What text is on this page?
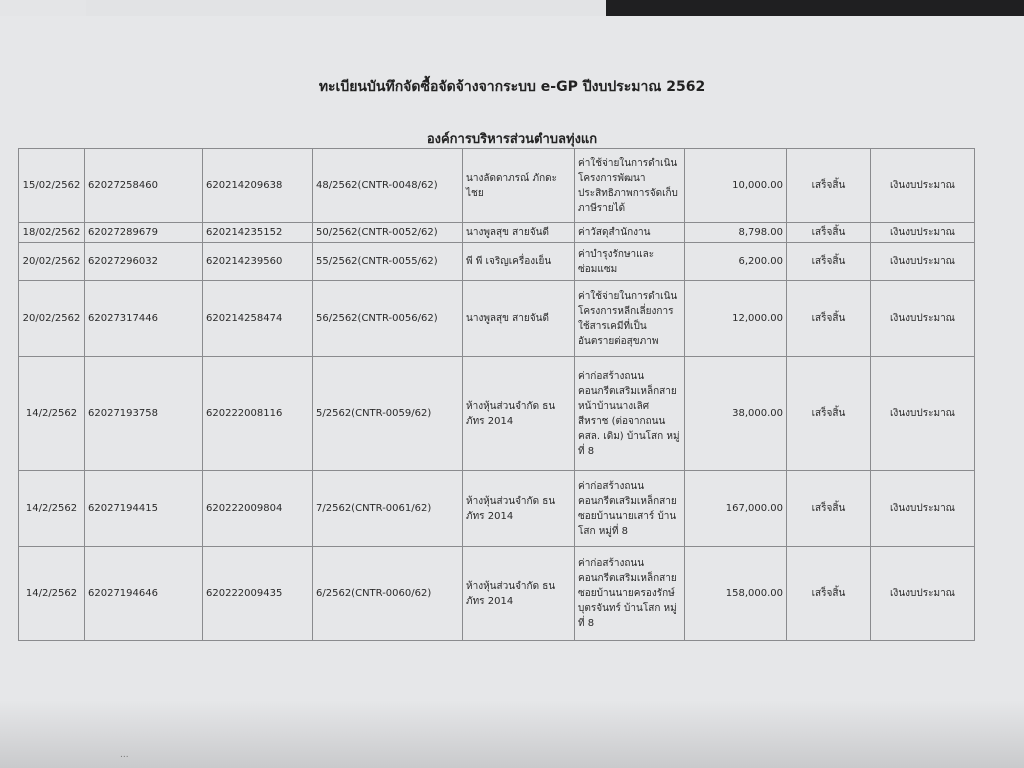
ทะเบียนบันทึกจัดซื้อจัดจ้างจากระบบ e-GP ปีงบประมาณ 2562
องค์การบริหารส่วนตำบลทุ่งแก
15/02/2562	62027258460	620214209638	48/2562(CNTR-0048/62)	นางลัดดาภรณ์ ภักดะไชย	ค่าใช้จ่ายในการดำเนินโครงการพัฒนาประสิทธิภาพการจัดเก็บภาษีรายได้	10,000.00	เสร็จสิ้น	เงินงบประมาณ
18/02/2562	62027289679	620214235152	50/2562(CNTR-0052/62)	นางพูลสุข สายจันดี	ค่าวัสดุสำนักงาน	8,798.00	เสร็จสิ้น	เงินงบประมาณ
20/02/2562	62027296032	620214239560	55/2562(CNTR-0055/62)	พี พี เจริญเครื่องเย็น	ค่าบำรุงรักษาและซ่อมแซม	6,200.00	เสร็จสิ้น	เงินงบประมาณ
20/02/2562	62027317446	620214258474	56/2562(CNTR-0056/62)	นางพูลสุข สายจันดี	ค่าใช้จ่ายในการดำเนินโครงการหลีกเลี่ยงการใช้สารเคมีที่เป็นอันตรายต่อสุขภาพ	12,000.00	เสร็จสิ้น	เงินงบประมาณ
14/2/2562	62027193758	620222008116	5/2562(CNTR-0059/62)	ห้างหุ้นส่วนจำกัด ธนภัทร 2014	ค่าก่อสร้างถนนคอนกรีตเสริมเหล็กสายหน้าบ้านนางเลิศ สีหราช (ต่อจากถนน คสล. เดิม) บ้านโสก หมู่ที่ 8	38,000.00	เสร็จสิ้น	เงินงบประมาณ
14/2/2562	62027194415	620222009804	7/2562(CNTR-0061/62)	ห้างหุ้นส่วนจำกัด ธนภัทร 2014	ค่าก่อสร้างถนนคอนกรีตเสริมเหล็กสายซอยบ้านนายเสาร์ บ้านโสก หมู่ที่ 8	167,000.00	เสร็จสิ้น	เงินงบประมาณ
14/2/2562	62027194646	620222009435	6/2562(CNTR-0060/62)	ห้างหุ้นส่วนจำกัด ธนภัทร 2014	ค่าก่อสร้างถนนคอนกรีตเสริมเหล็กสายซอยบ้านนายครองรักษ์ บุตรจันทร์ บ้านโสก หมู่ที่ 8	158,000.00	เสร็จสิ้น	เงินงบประมาณ
...
